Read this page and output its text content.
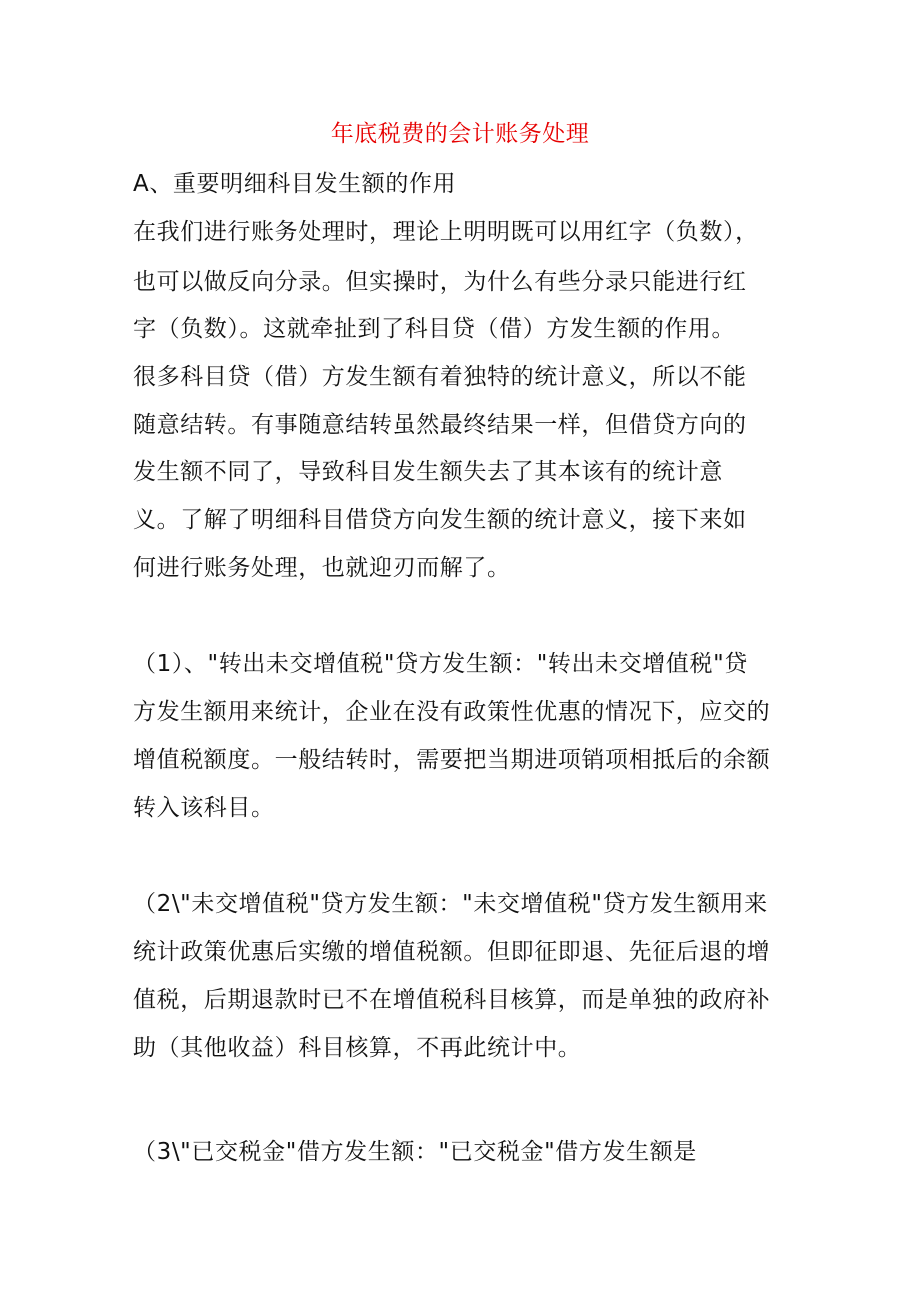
年底税费的会计账务处理
A、重要明细科目发生额的作用
在我们进行账务处理时，理论上明明既可以用红字（负数），
也可以做反向分录。但实操时，为什么有些分录只能进行红
字（负数）。这就牵扯到了科目贷（借）方发生额的作用。
很多科目贷（借）方发生额有着独特的统计意义，所以不能
随意结转。有事随意结转虽然最终结果一样，但借贷方向的
发生额不同了，导致科目发生额失去了其本该有的统计意
义。了解了明细科目借贷方向发生额的统计意义，接下来如
何进行账务处理，也就迎刃而解了。
（1）、"转出未交增值税"贷方发生额："转出未交增值税"贷
方发生额用来统计，企业在没有政策性优惠的情况下，应交的
增值税额度。一般结转时，需要把当期进项销项相抵后的余额
转入该科目。
（2\"未交增值税"贷方发生额："未交增值税"贷方发生额用来
统计政策优惠后实缴的增值税额。但即征即退、先征后退的增
值税，后期退款时已不在增值税科目核算，而是单独的政府补
助（其他收益）科目核算，不再此统计中。
（3\"已交税金"借方发生额："已交税金"借方发生额是
